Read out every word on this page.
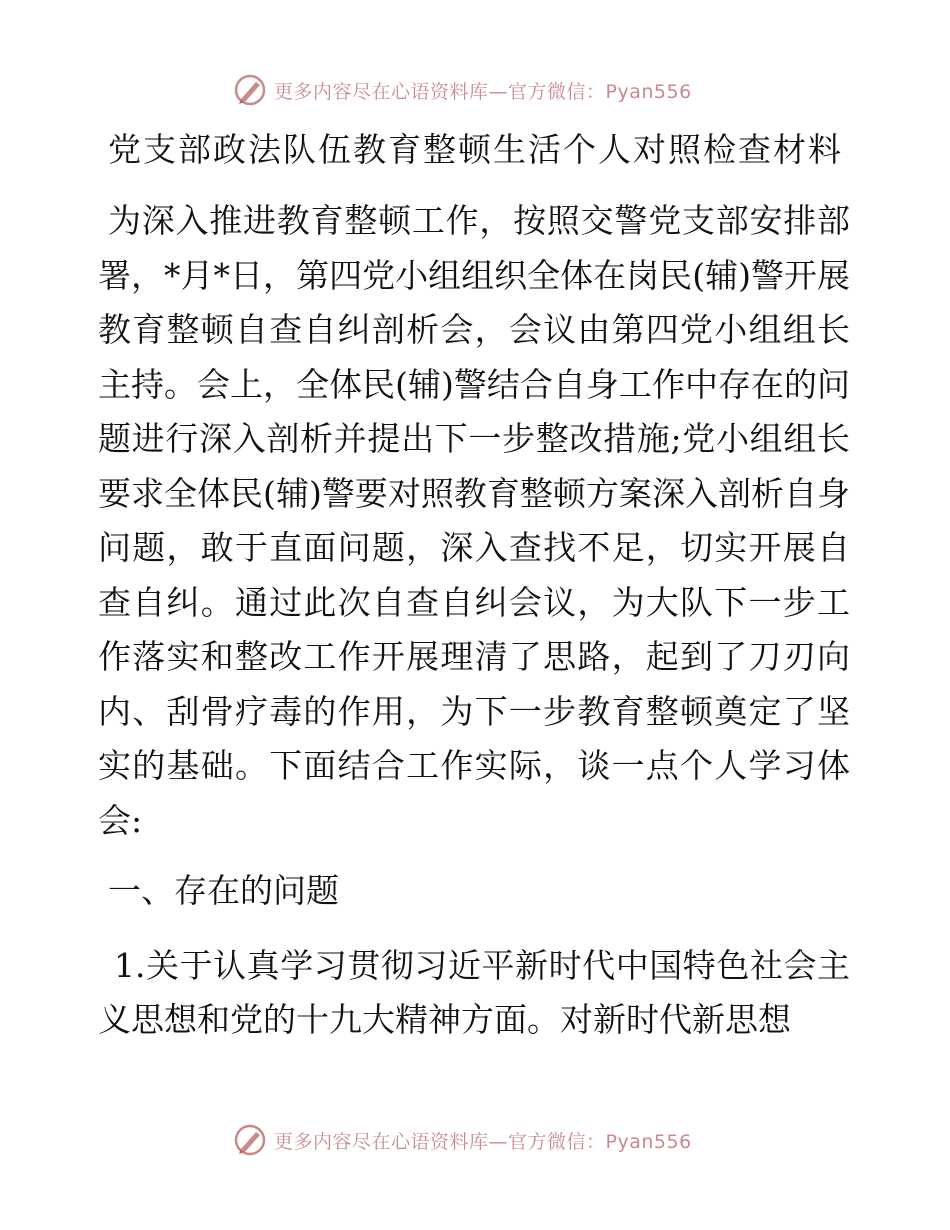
更多内容尽在心语资料库—官方微信：Pyan556
党支部政法队伍教育整顿生活个人对照检查材料

为深入推进教育整顿工作，按照交警党支部安排部署，*月*日，第四党小组组织全体在岗民(辅)警开展教育整顿自查自纠剖析会，会议由第四党小组组长主持。会上，全体民(辅)警结合自身工作中存在的问题进行深入剖析并提出下一步整改措施;党小组组长要求全体民(辅)警要对照教育整顿方案深入剖析自身问题，敢于直面问题，深入查找不足，切实开展自查自纠。通过此次自查自纠会议，为大队下一步工作落实和整改工作开展理清了思路，起到了刀刃向内、刮骨疗毒的作用，为下一步教育整顿奠定了坚实的基础。下面结合工作实际，谈一点个人学习体会:

一、存在的问题

1.关于认真学习贯彻习近平新时代中国特色社会主义思想和党的十九大精神方面。对新时代新思想

更多内容尽在心语资料库—官方微信：Pyan556
